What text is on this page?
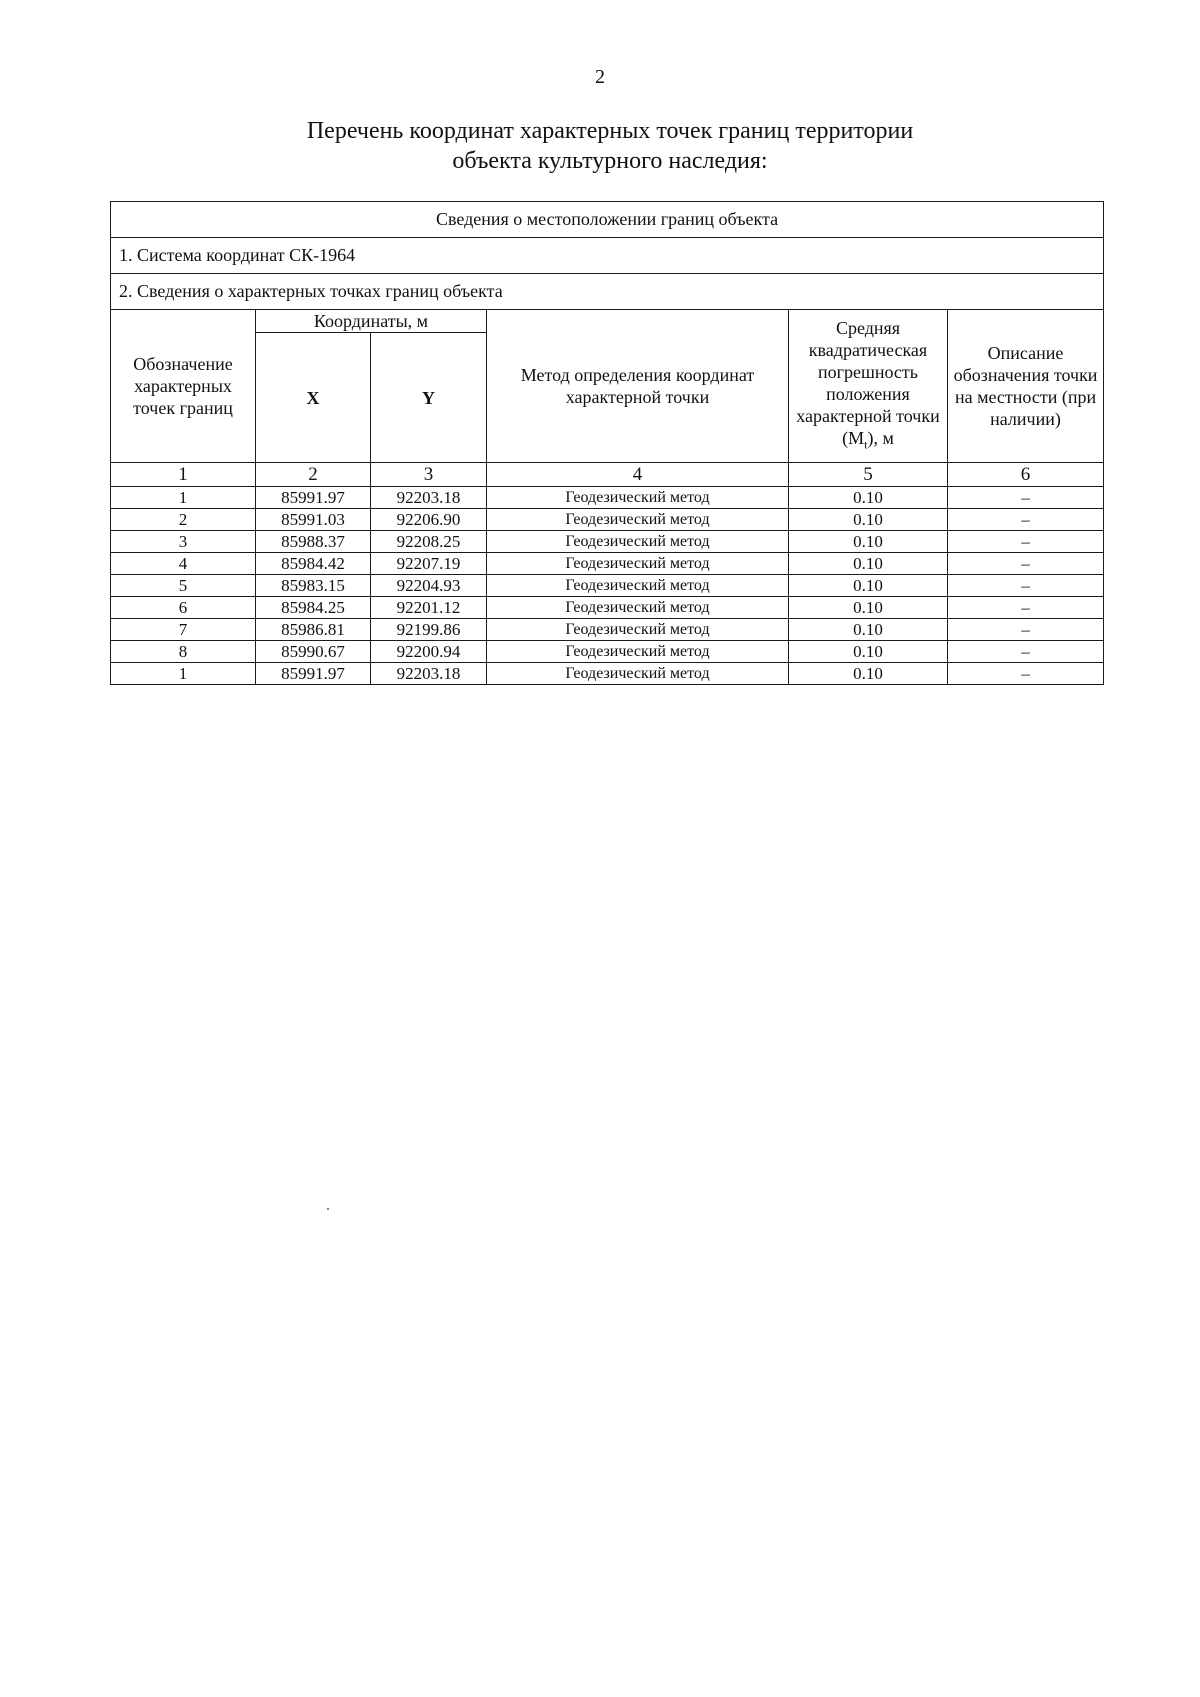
2
Перечень координат характерных точек границ территории
объекта культурного наследия:
Сведения о местоположении границ объекта					
1. Система координат СК-1964					
2. Сведения о характерных точках границ объекта					
Обозначение характерных точек границ	Координаты, м		Метод определения координат характерной точки	Средняя квадратическая погрешность положения характерной точки $(M_t)$, м	Описание обозначения точки на местности (при наличии)
	X	Y			
1	2	3	4	5	6
1	85991.97	92203.18	Геодезический метод	0.10	–
2	85991.03	92206.90	Геодезический метод	0.10	–
3	85988.37	92208.25	Геодезический метод	0.10	–
4	85984.42	92207.19	Геодезический метод	0.10	–
5	85983.15	92204.93	Геодезический метод	0.10	–
6	85984.25	92201.12	Геодезический метод	0.10	–
7	85986.81	92199.86	Геодезический метод	0.10	–
8	85990.67	92200.94	Геодезический метод	0.10	–
1	85991.97	92203.18	Геодезический метод	0.10	–
